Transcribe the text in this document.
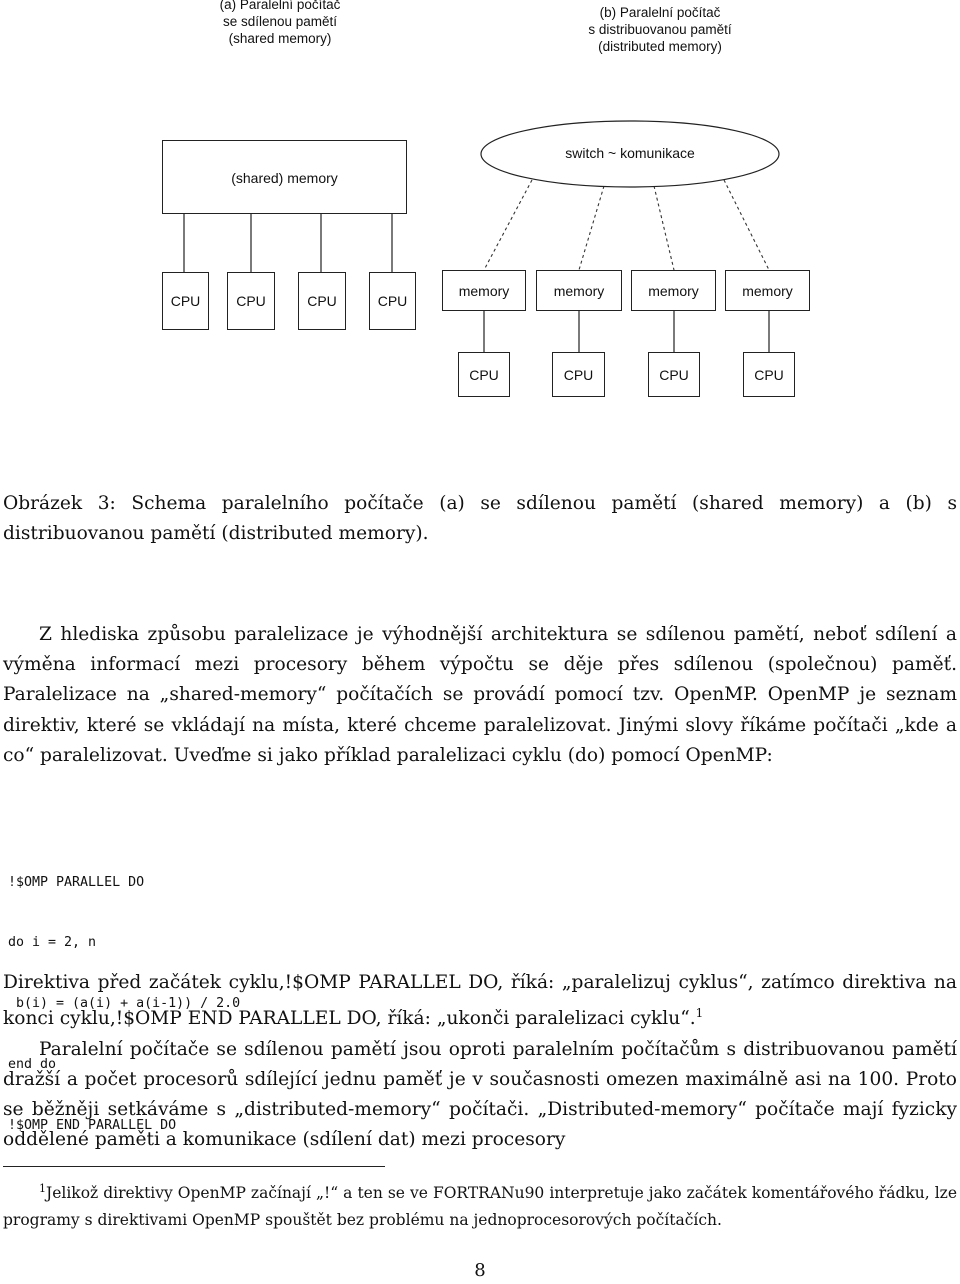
(a) Paralelní počítač
se sdílenou pamětí
(shared memory)
(b) Paralelní počítač
s distribuovanou pamětí
(distributed memory)
(shared) memory
switch ~ komunikace
CPU	CPU	CPU	CPU
memory	memory	memory	memory
CPU	CPU	CPU	CPU

Obrázek 3: Schema paralelního počítače (a) se sdílenou pamětí (shared memory) a (b) s distribuovanou pamětí (distributed memory).

Z hlediska způsobu paralelizace je výhodnější architektura se sdílenou pamětí, neboť sdílení a výměna informací mezi procesory během výpočtu se děje přes sdílenou (společnou) paměť. Paralelizace na „shared-memory“ počítačích se provádí pomocí tzv. OpenMP. OpenMP je seznam direktiv, které se vkládají na místa, které chceme paralelizovat. Jinými slovy říkáme počítači „kde a co“ paralelizovat. Uveďme si jako příklad paralelizaci cyklu (do) pomocí OpenMP:

!$OMP PARALLEL DO

do i = 2, n

b(i) = (a(i) + a(i-1)) / 2.0

end do

!$OMP END PARALLEL DO

Direktiva před začátek cyklu,!$OMP PARALLEL DO, říká: „paralelizuj cyklus“, zatímco direktiva na konci cyklu,!$OMP END PARALLEL DO, říká: „ukonči paralelizaci cyklu“.$^1$

Paralelní počítače se sdílenou pamětí jsou oproti paralelním počítačům s distribuovanou pamětí dražší a počet procesorů sdílející jednu paměť je v současnosti omezen maximálně asi na 100. Proto se běžněji setkáváme s „distributed-memory“ počítači. „Distributed-memory“ počítače mají fyzicky oddělené paměti a komunikace (sdílení dat) mezi procesory

$^1$Jelikož direktivy OpenMP začínají „!“ a ten se ve FORTRANu90 interpretuje jako začátek komentářového řádku, lze programy s direktivami OpenMP spouštět bez problému na jednoprocesorových počítačích.

8
